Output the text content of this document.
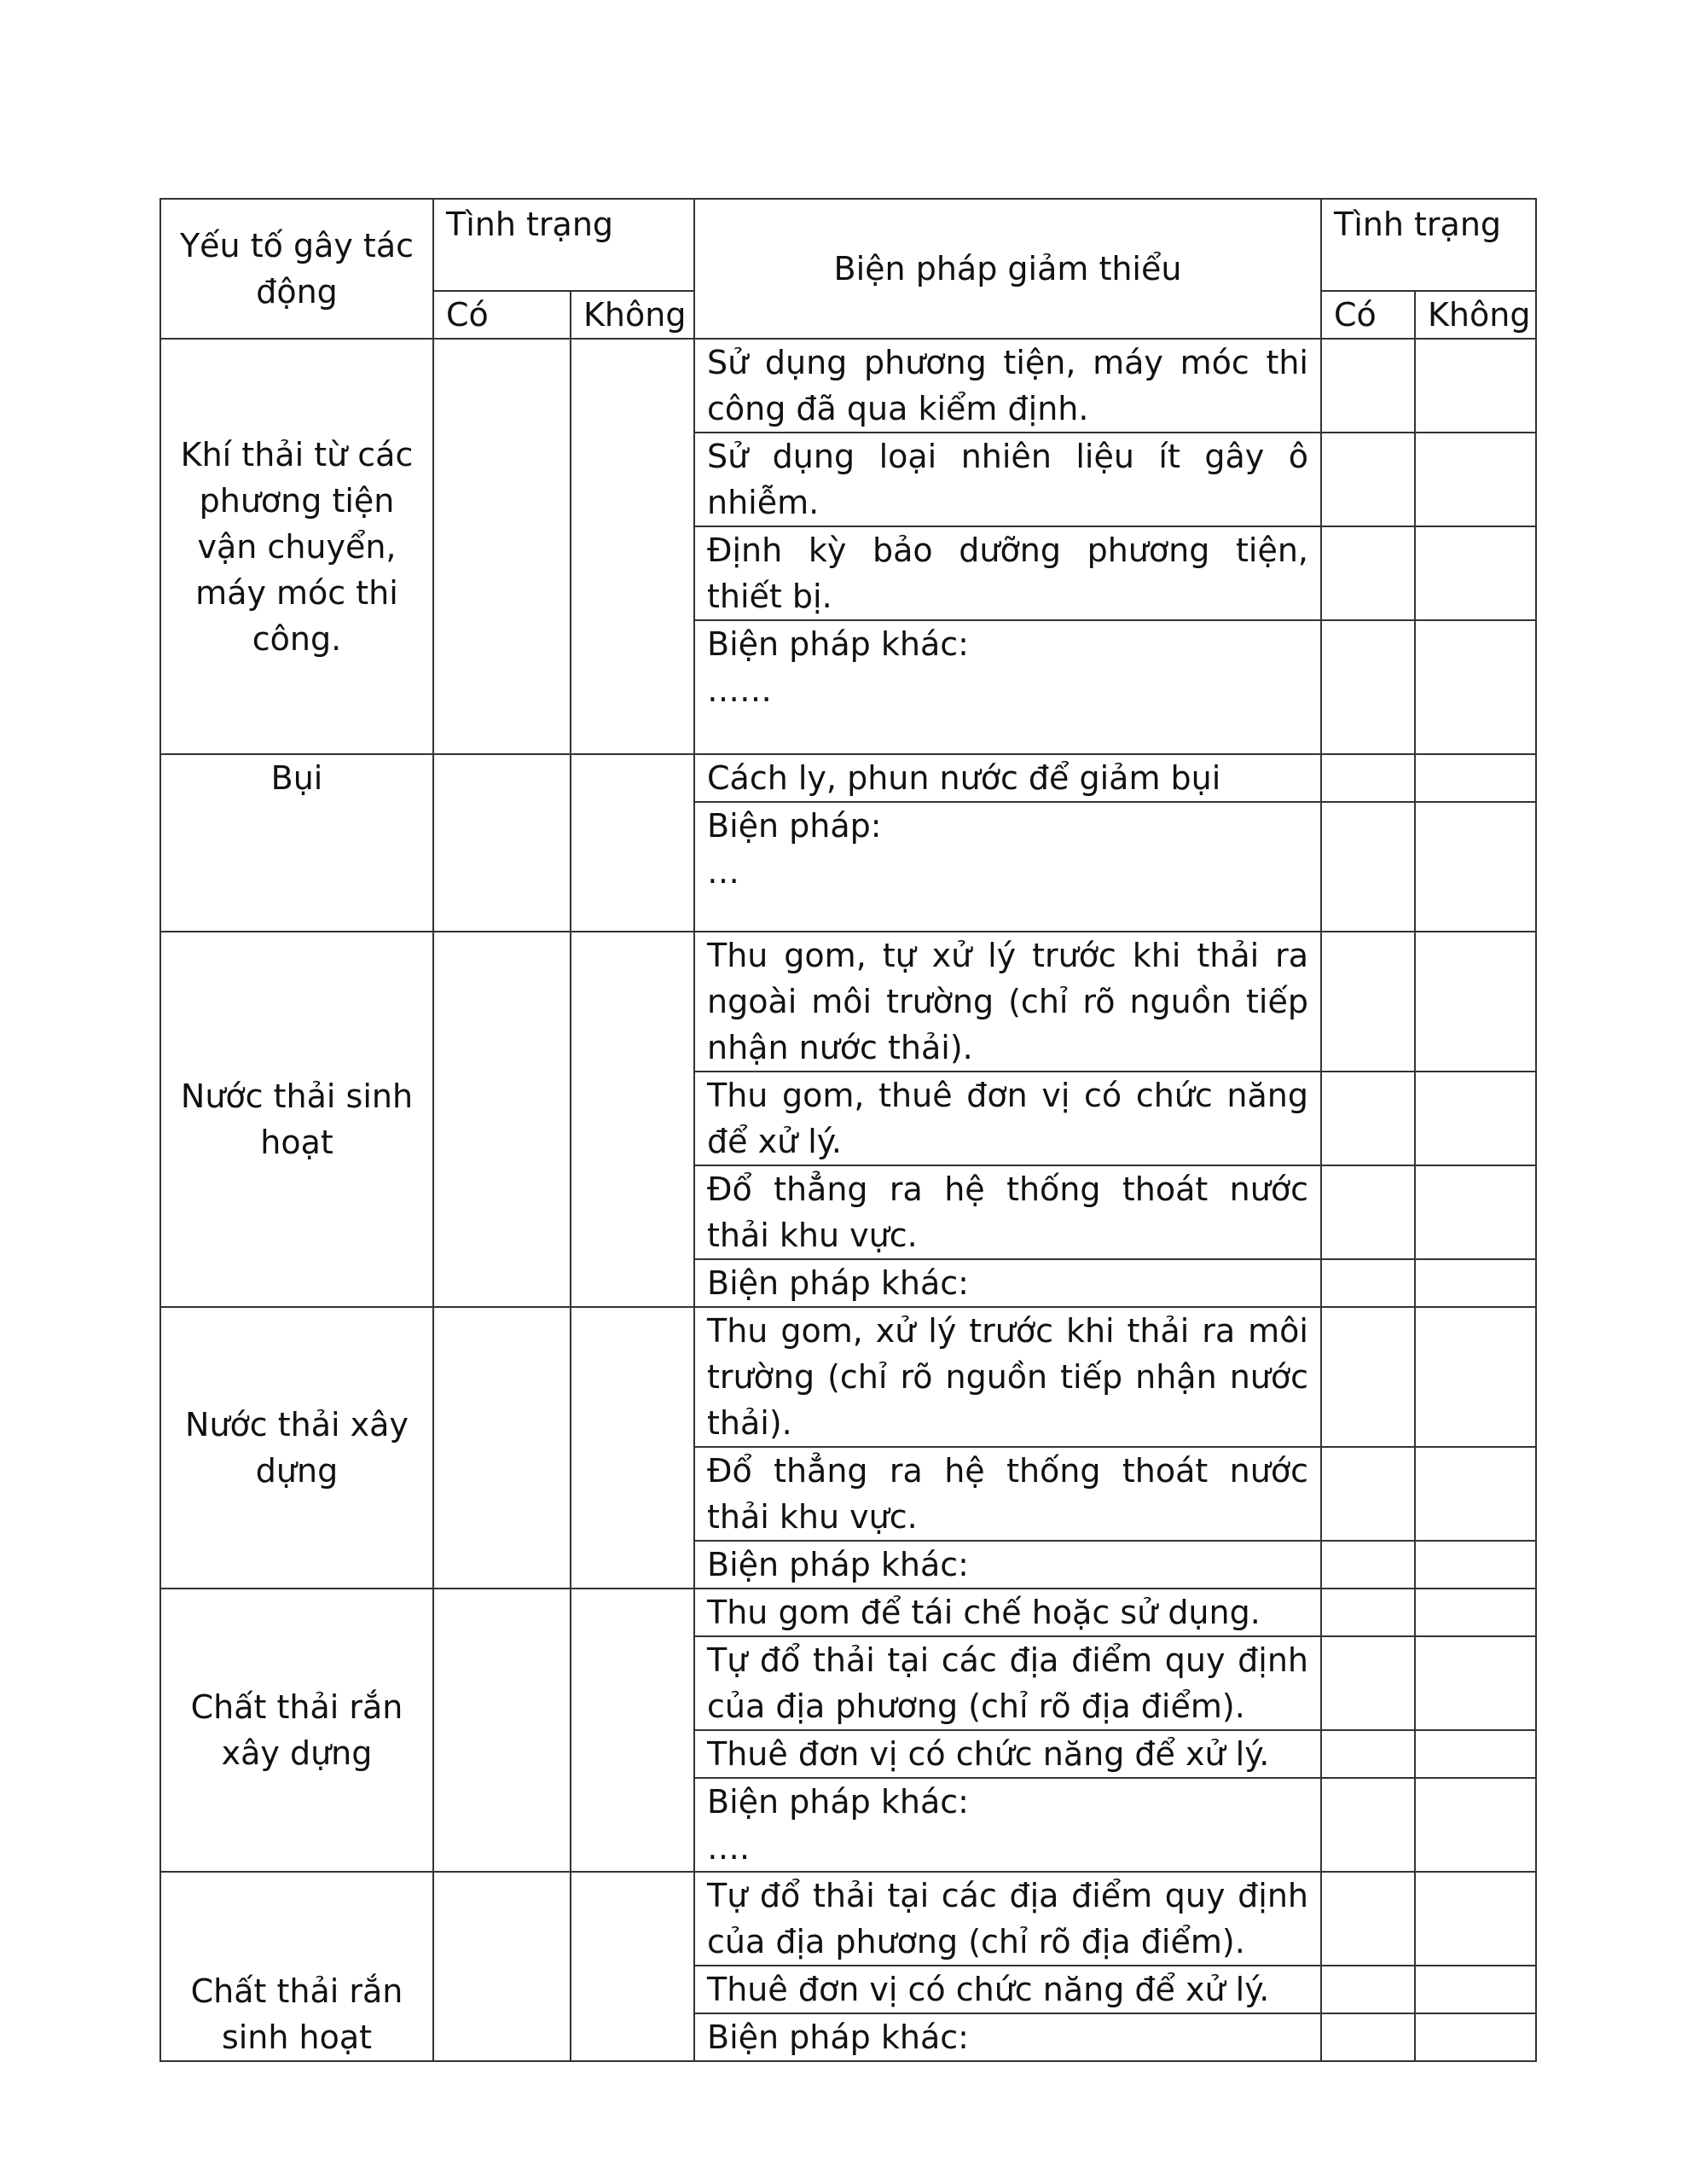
Yếu tố gây tác động	Tình trạng		Biện pháp giảm thiểu	Tình trạng	
	Có	Không		Có	Không
Khí thải từ các phương tiện vận chuyển, máy móc thi công.			Sử dụng phương tiện, máy móc thi công đã qua kiểm định.		
			Sử dụng loại nhiên liệu ít gây ô nhiễm.		
			Định kỳ bảo dưỡng phương tiện, thiết bị.		

			Biện pháp khác:
……		

Bụi			Cách ly, phun nước để giảm bụi		

			Biện pháp:
…		

Nước thải sinh hoạt			Thu gom, tự xử lý trước khi thải ra ngoài môi trường (chỉ rõ nguồn tiếp nhận nước thải).		
			Thu gom, thuê đơn vị có chức năng để xử lý.		
			Đổ thẳng ra hệ thống thoát nước thải khu vực.		
			Biện pháp khác:		
Nước thải xây dựng			Thu gom, xử lý trước khi thải ra môi trường (chỉ rõ nguồn tiếp nhận nước thải).		
			Đổ thẳng ra hệ thống thoát nước thải khu vực.		
			Biện pháp khác:		
Chất thải rắn xây dựng			Thu gom để tái chế hoặc sử dụng.		
			Tự đổ thải tại các địa điểm quy định của địa phương (chỉ rõ địa điểm).		
			Thuê đơn vị có chức năng để xử lý.		

			Biện pháp khác:
….		

Chất thải rắn sinh hoạt			Tự đổ thải tại các địa điểm quy định của địa phương (chỉ rõ địa điểm).		
			Thuê đơn vị có chức năng để xử lý.		
			Biện pháp khác:		
